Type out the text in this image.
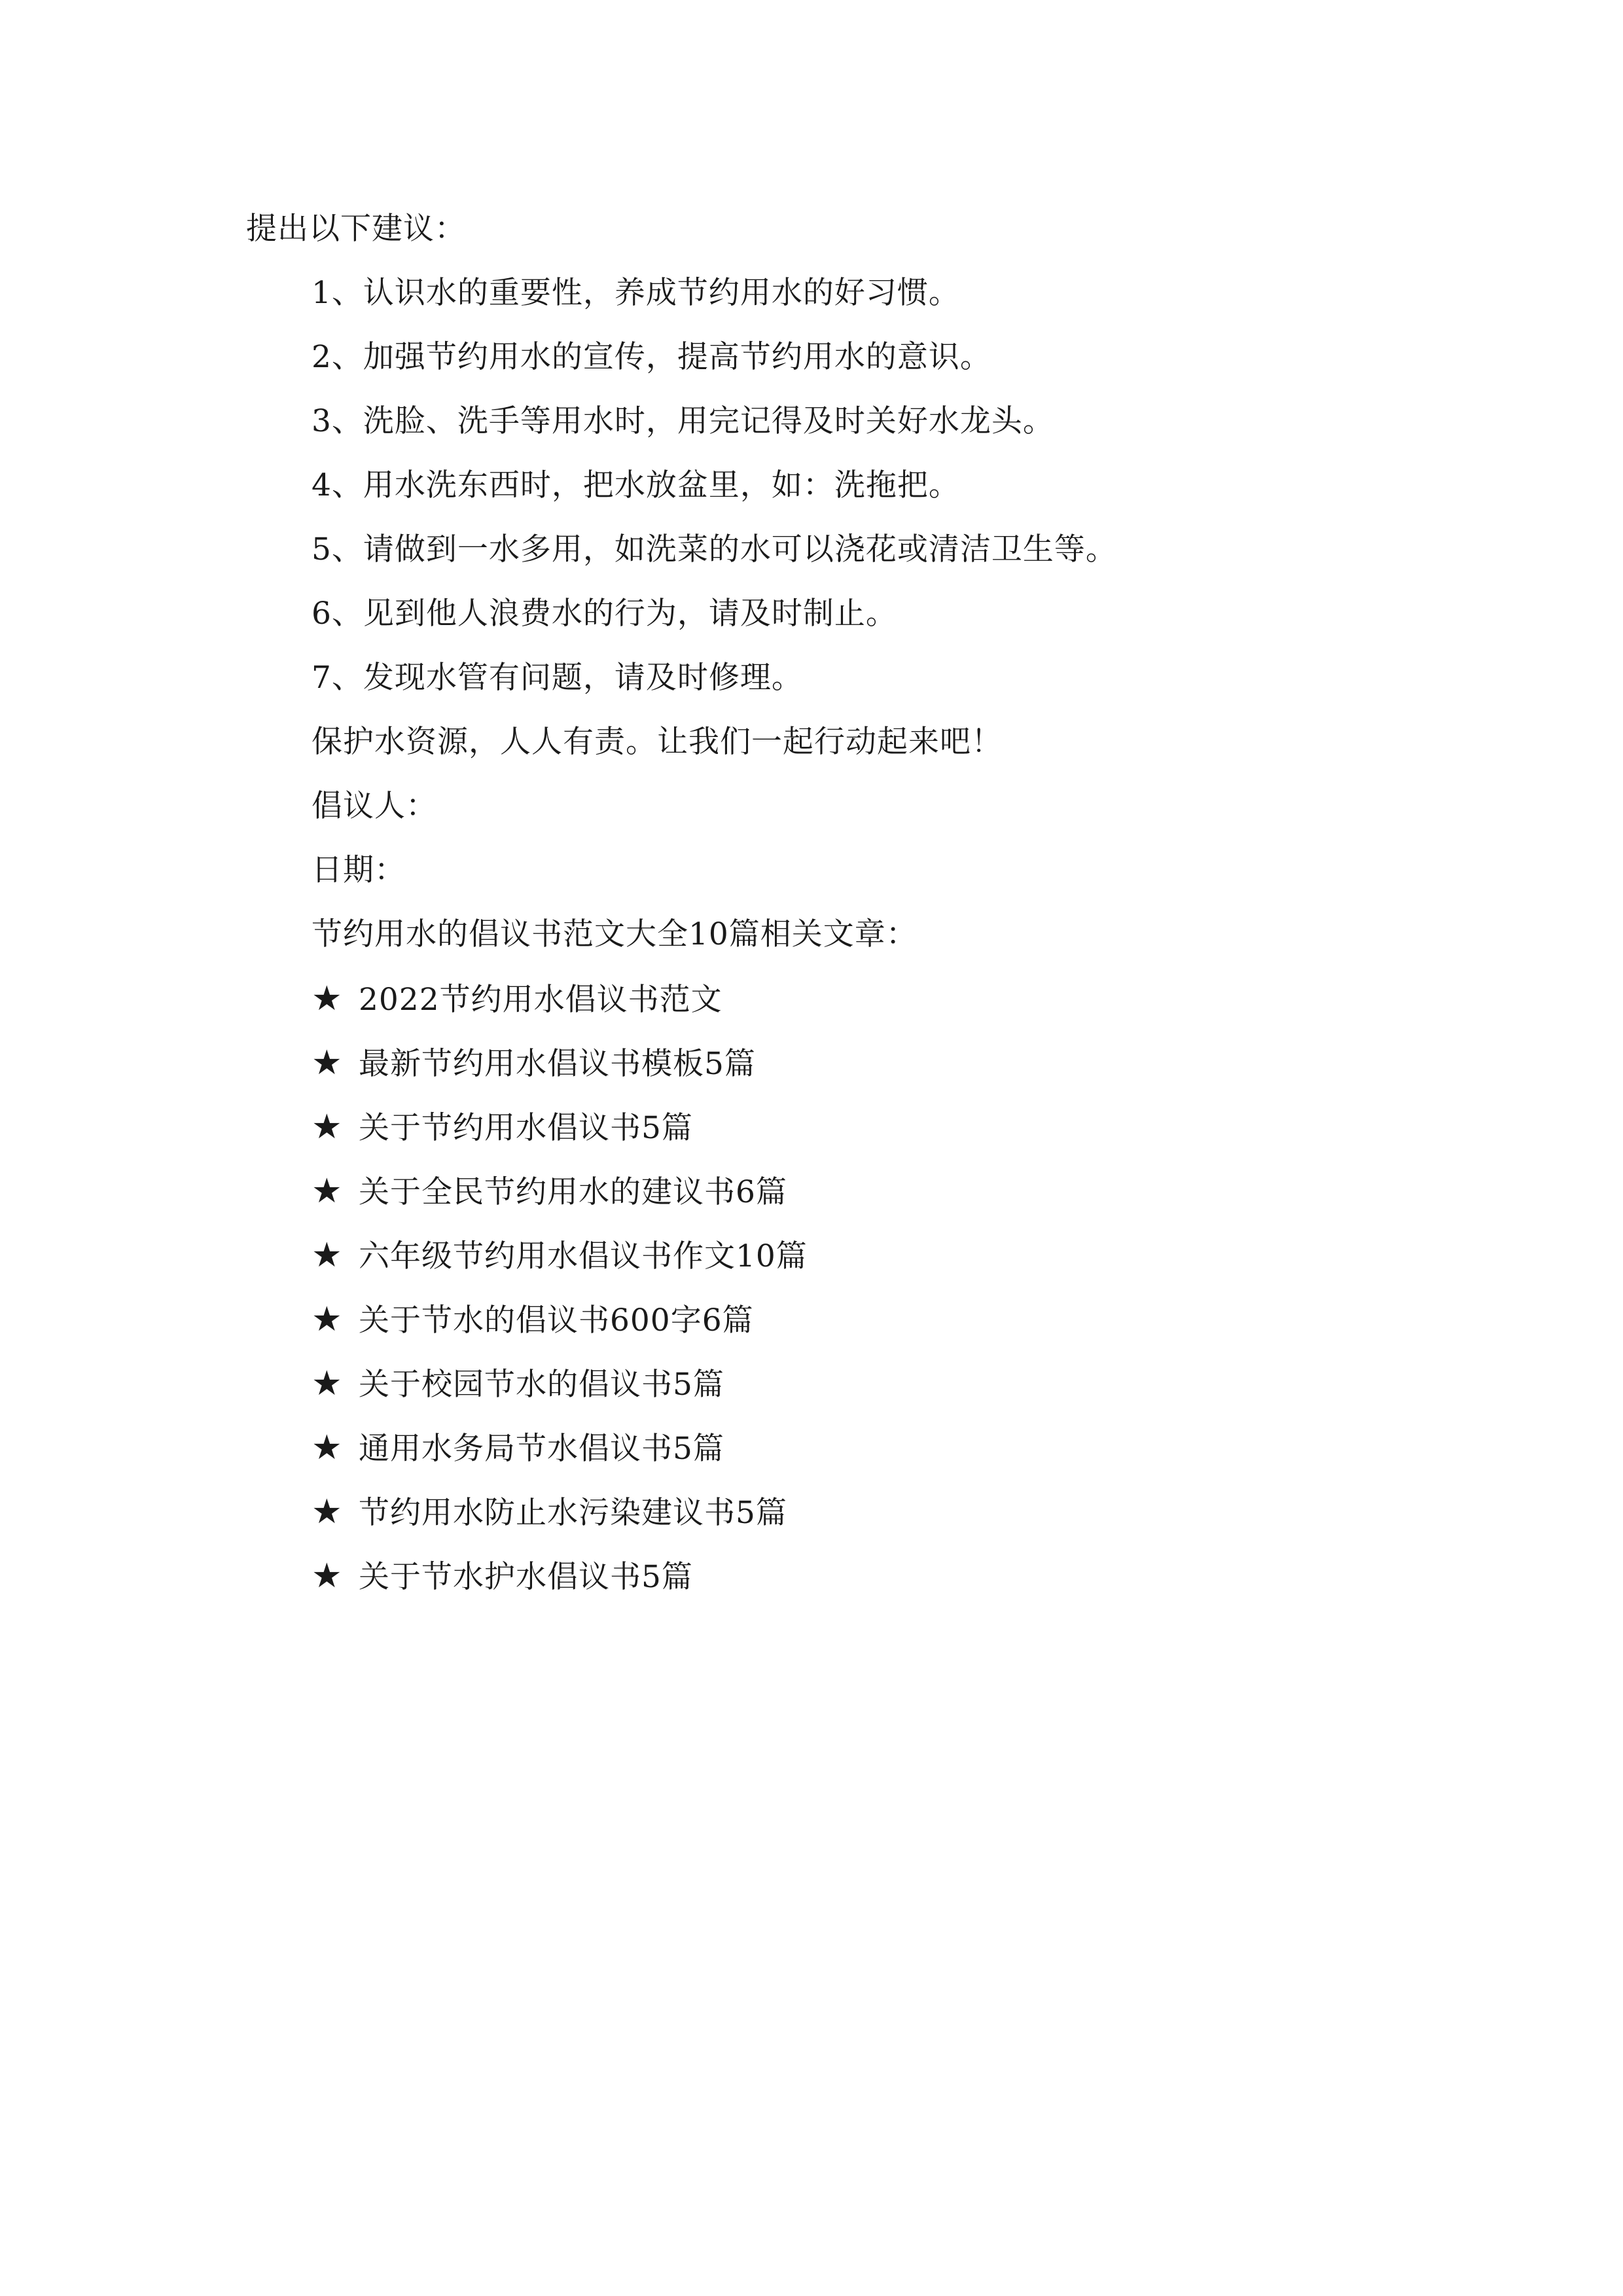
提出以下建议：
1、认识水的重要性，养成节约用水的好习惯。
2、加强节约用水的宣传，提高节约用水的意识。
3、洗脸、洗手等用水时，用完记得及时关好水龙头。
4、用水洗东西时，把水放盆里，如：洗拖把。
5、请做到一水多用，如洗菜的水可以浇花或清洁卫生等。
6、见到他人浪费水的行为，请及时制止。
7、发现水管有问题，请及时修理。
保护水资源，人人有责。让我们一起行动起来吧！
倡议人：
日期：
节约用水的倡议书范文大全10篇相关文章：
★ 2022节约用水倡议书范文
★ 最新节约用水倡议书模板5篇
★ 关于节约用水倡议书5篇
★ 关于全民节约用水的建议书6篇
★ 六年级节约用水倡议书作文10篇
★ 关于节水的倡议书600字6篇
★ 关于校园节水的倡议书5篇
★ 通用水务局节水倡议书5篇
★ 节约用水防止水污染建议书5篇
★ 关于节水护水倡议书5篇
